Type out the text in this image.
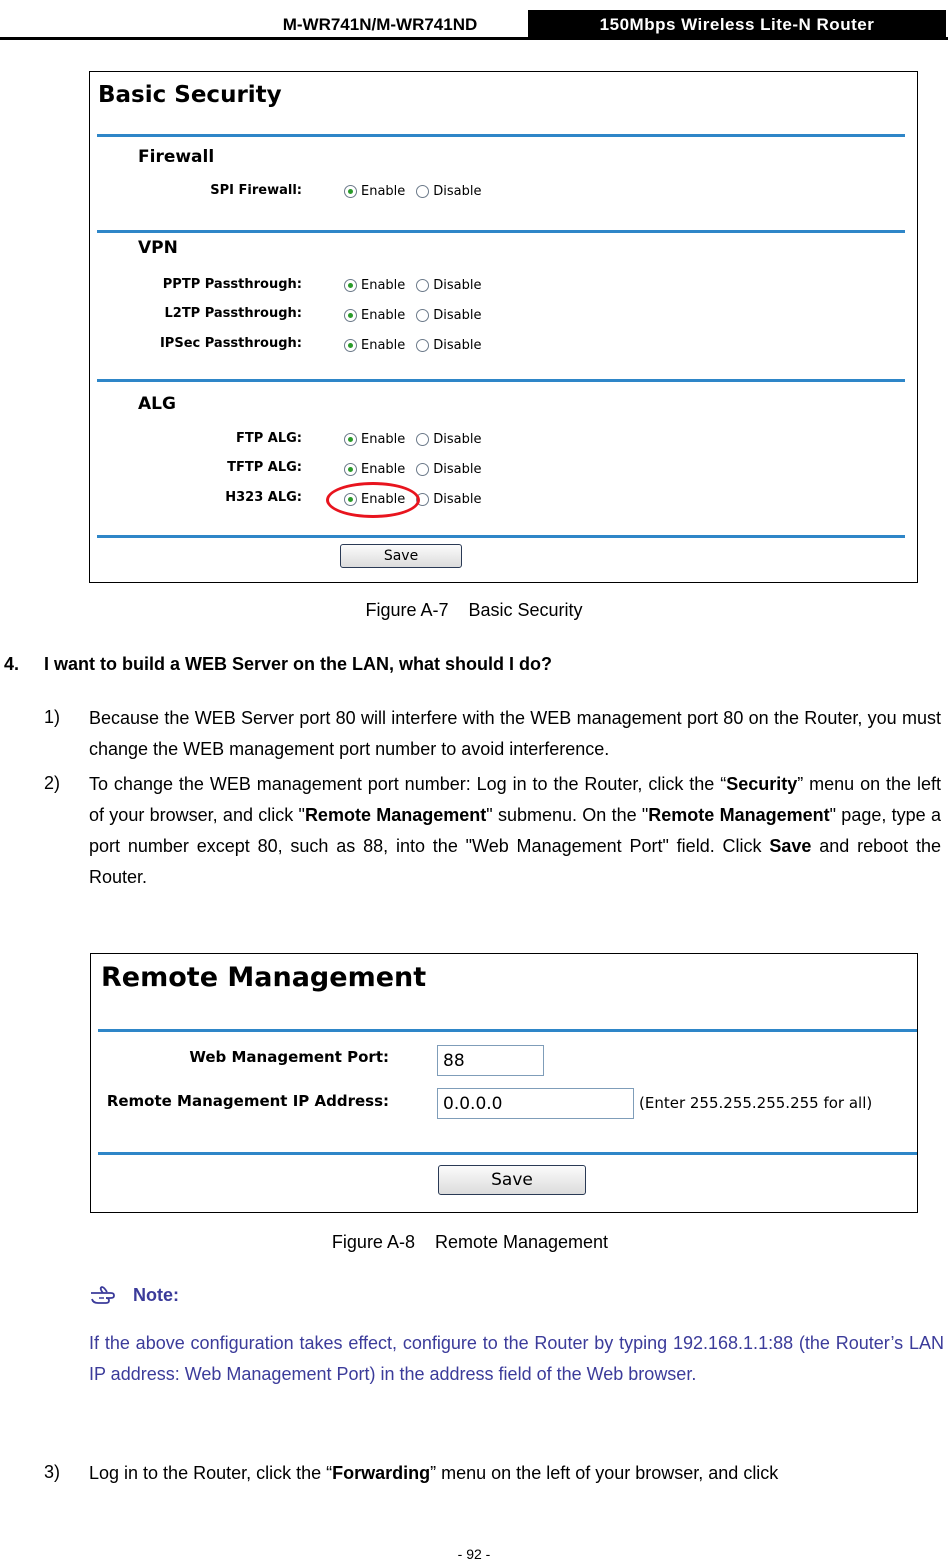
M-WR741N/M-WR741ND	150Mbps Wireless Lite-N Router
Basic Security
Firewall
SPI Firewall:	Enable Disable
VPN
PPTP Passthrough:	Enable Disable
L2TP Passthrough:	Enable Disable
IPSec Passthrough:	Enable Disable
ALG
FTP ALG:	Enable Disable
TFTP ALG:	Enable Disable
H323 ALG:	Enable Disable
Save
Figure A-7    Basic Security
4. I want to build a WEB Server on the LAN, what should I do?
1) Because the WEB Server port 80 will interfere with the WEB management port 80 on the Router, you must change the WEB management port number to avoid interference.
2) To change the WEB management port number: Log in to the Router, click the “Security” menu on the left of your browser, and click "Remote Management" submenu. On the "Remote Management" page, type a port number except 80, such as 88, into the "Web Management Port" field. Click Save and reboot the Router.
Remote Management
Web Management Port:	88
Remote Management IP Address:	0.0.0.0	(Enter 255.255.255.255 for all)
Save
Figure A-8    Remote Management
Note:
If the above configuration takes effect, configure to the Router by typing 192.168.1.1:88 (the Router’s LAN IP address: Web Management Port) in the address field of the Web browser.
3) Log in to the Router, click the “Forwarding” menu on the left of your browser, and click
- 92 -
